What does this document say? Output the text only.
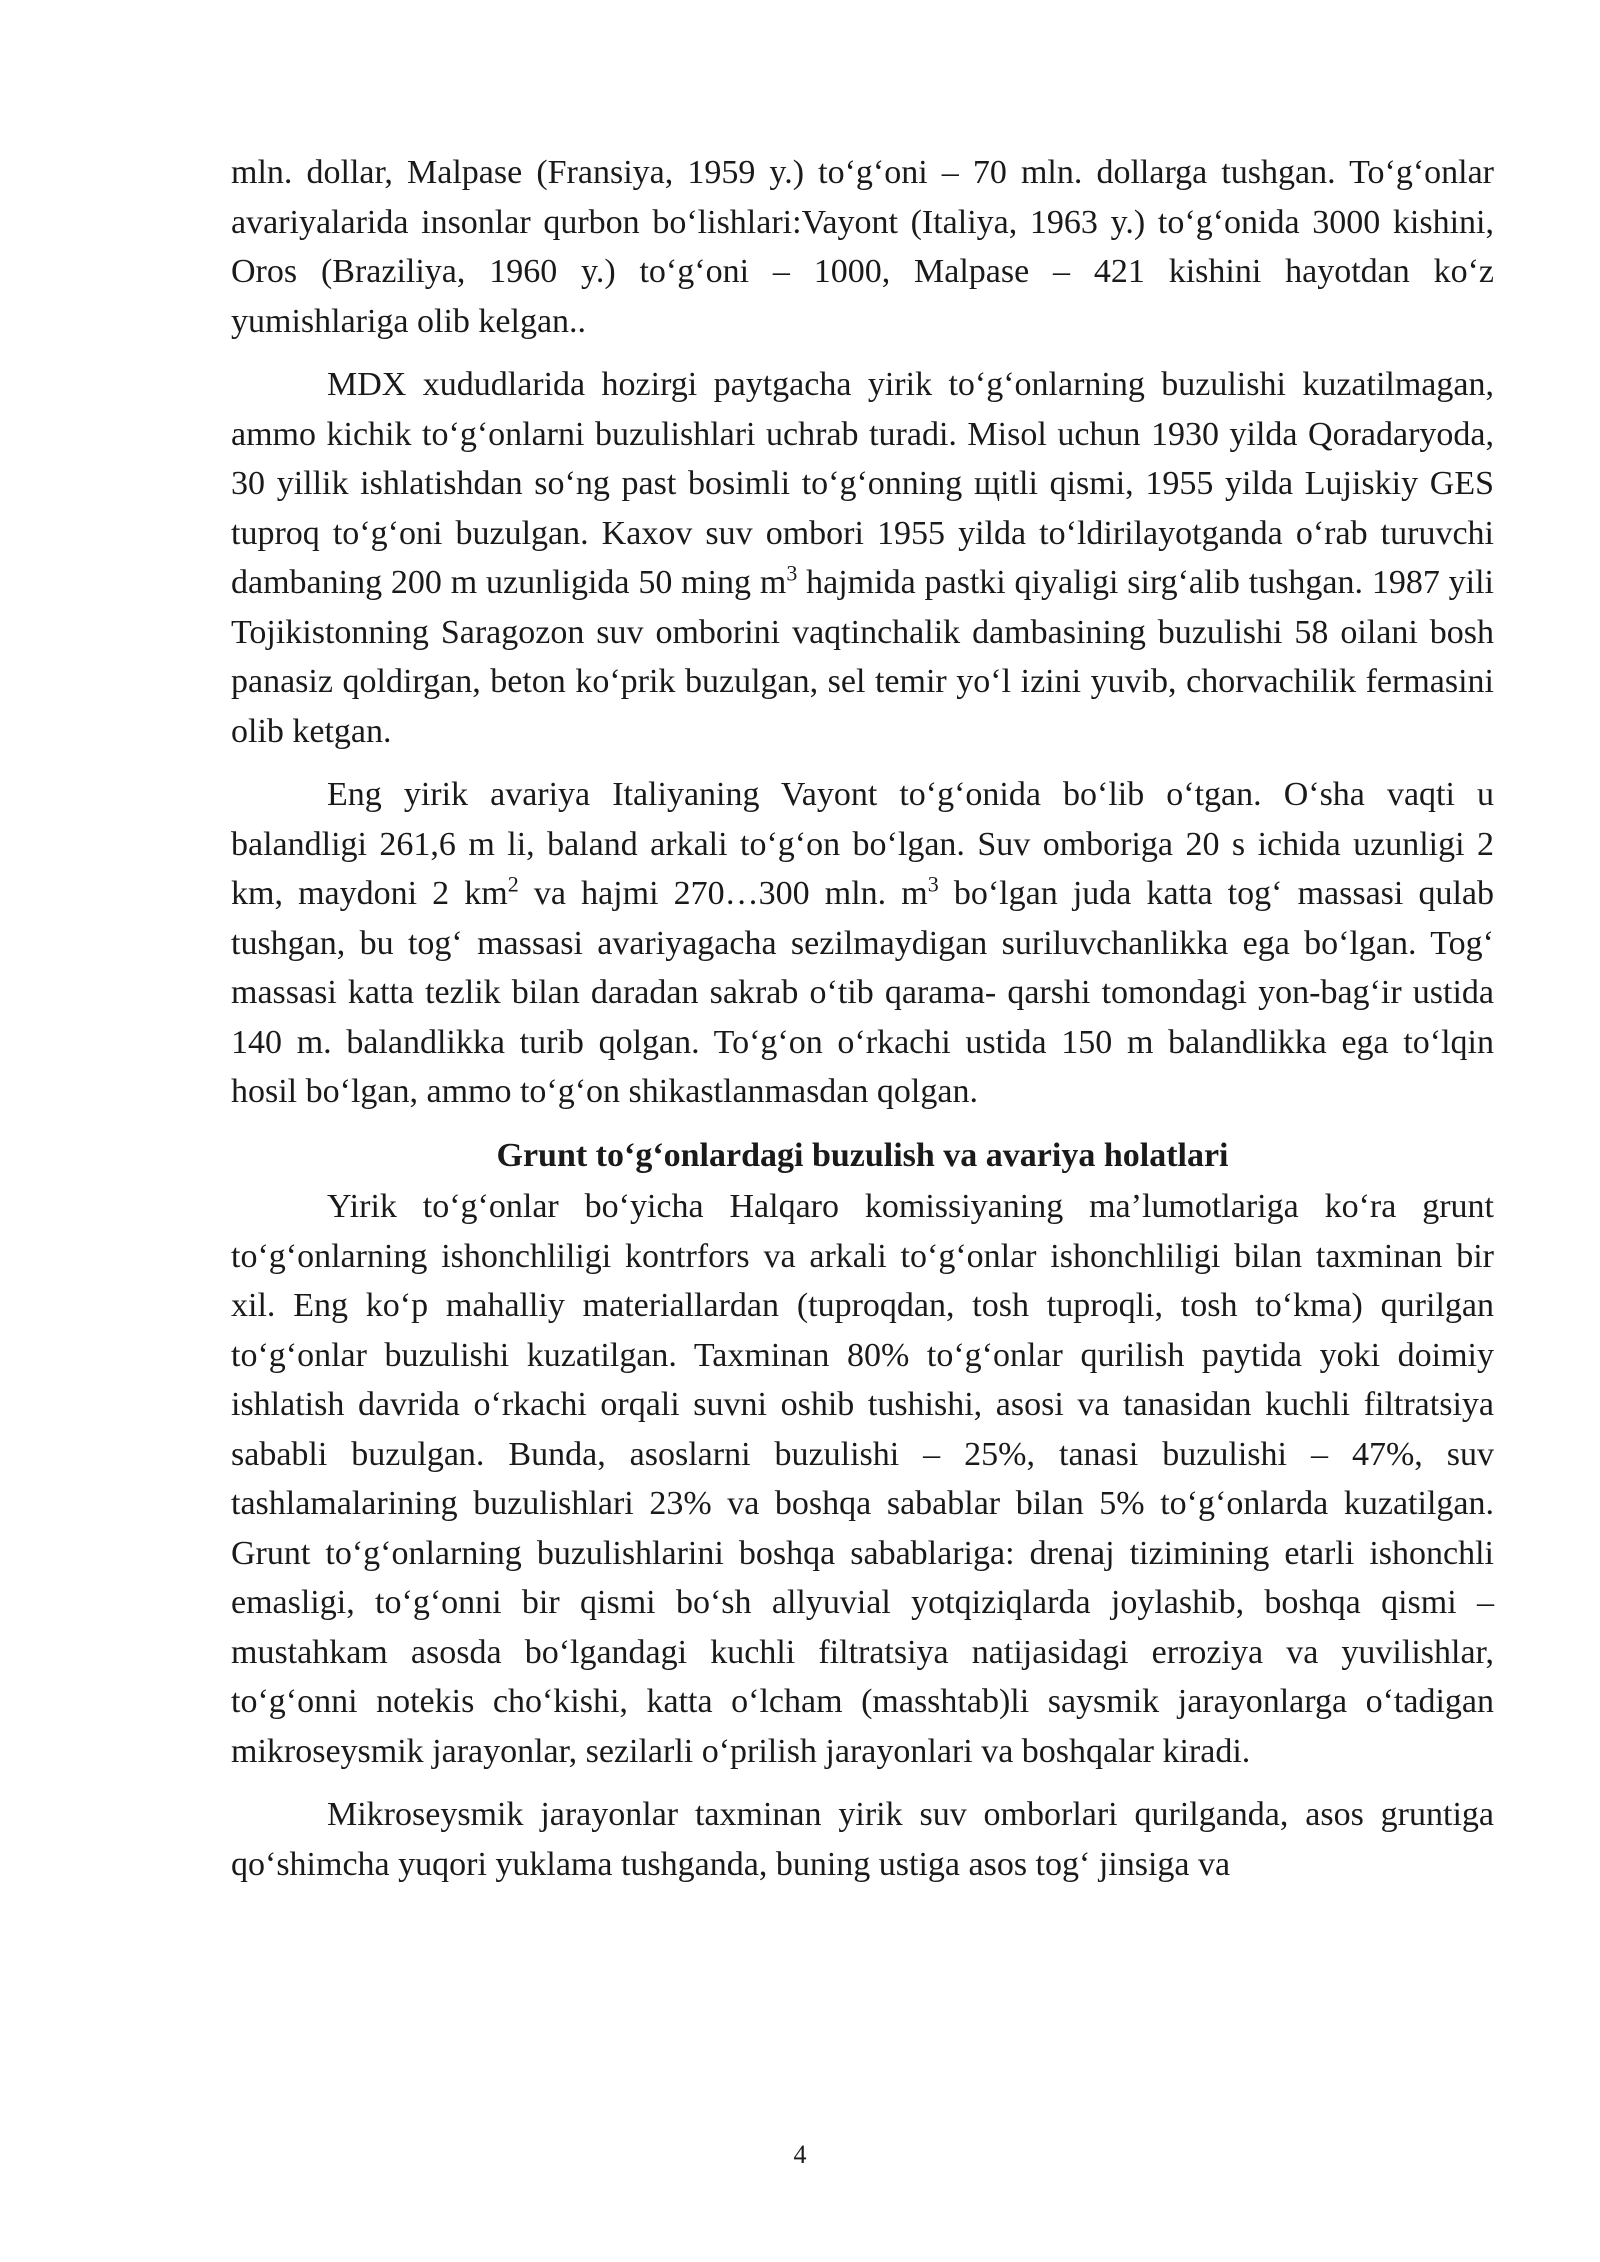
mln. dollar, Malpase (Fransiya, 1959 y.) to‘g‘oni – 70 mln. dollarga tushgan. To‘g‘onlar avariyalarida insonlar qurbon bo‘lishlari:Vayont (Italiya, 1963 y.) to‘g‘onida 3000 kishini, Oros (Braziliya, 1960 y.) to‘g‘oni – 1000, Malpase – 421 kishini hayotdan ko‘z yumishlariga olib kelgan..

MDX xududlarida hozirgi paytgacha yirik to‘g‘onlarning buzulishi kuzatilmagan, ammo kichik to‘g‘onlarni buzulishlari uchrab turadi. Misol uchun 1930 yilda Qoradaryoda, 30 yillik ishlatishdan so‘ng past bosimli to‘g‘onning щitli qismi, 1955 yilda Lujiskiy GES tuproq to‘g‘oni buzulgan. Kaxov suv ombori 1955 yilda to‘ldirilayotganda o‘rab turuvchi dambaning 200 m uzunligida 50 ming $m^3$ hajmida pastki qiyaligi sirg‘alib tushgan. 1987 yili Tojikistonning Saragozon suv omborini vaqtinchalik dambasining buzulishi 58 oilani bosh panasiz qoldirgan, beton ko‘prik buzulgan, sel temir yo‘l izini yuvib, chorvachilik fermasini olib ketgan.

Eng yirik avariya Italiyaning Vayont to‘g‘onida bo‘lib o‘tgan. O‘sha vaqti u balandligi 261,6 m li, baland arkali to‘g‘on bo‘lgan. Suv omboriga 20 s ichida uzunligi 2 km, maydoni 2 $km^2$ va hajmi 270…300 mln. $m^3$ bo‘lgan juda katta tog‘ massasi qulab tushgan, bu tog‘ massasi avariyagacha sezilmaydigan suriluvchanlikka ega bo‘lgan. Tog‘ massasi katta tezlik bilan daradan sakrab o‘tib qarama- qarshi tomondagi yon-bag‘ir ustida 140 m. balandlikka turib qolgan. To‘g‘on o‘rkachi ustida 150 m balandlikka ega to‘lqin hosil bo‘lgan, ammo to‘g‘on shikastlanmasdan qolgan.

Grunt to‘g‘onlardagi buzulish va avariya holatlari

Yirik to‘g‘onlar bo‘yicha Halqaro komissiyaning ma’lumotlariga ko‘ra grunt to‘g‘onlarning ishonchliligi kontrfors va arkali to‘g‘onlar ishonchliligi bilan taxminan bir xil. Eng ko‘p mahalliy materiallardan (tuproqdan, tosh tuproqli, tosh to‘kma) qurilgan to‘g‘onlar buzulishi kuzatilgan. Taxminan 80% to‘g‘onlar qurilish paytida yoki doimiy ishlatish davrida o‘rkachi orqali suvni oshib tushishi, asosi va tanasidan kuchli filtratsiya sababli buzulgan. Bunda, asoslarni buzulishi – 25%, tanasi buzulishi – 47%, suv tashlamalarining buzulishlari 23% va boshqa sabablar bilan 5% to‘g‘onlarda kuzatilgan. Grunt to‘g‘onlarning buzulishlarini boshqa sabablariga: drenaj tizimining etarli ishonchli emasligi, to‘g‘onni bir qismi bo‘sh allyuvial yotqiziqlarda joylashib, boshqa qismi – mustahkam asosda bo‘lgandagi kuchli filtratsiya natijasidagi erroziya va yuvilishlar, to‘g‘onni notekis cho‘kishi, katta o‘lcham (masshtab)li saysmik jarayonlarga o‘tadigan mikroseysmik jarayonlar, sezilarli o‘prilish jarayonlari va boshqalar kiradi.

Mikroseysmik jarayonlar taxminan yirik suv omborlari qurilganda, asos gruntiga qo‘shimcha yuqori yuklama tushganda, buning ustiga asos tog‘ jinsiga va

4
